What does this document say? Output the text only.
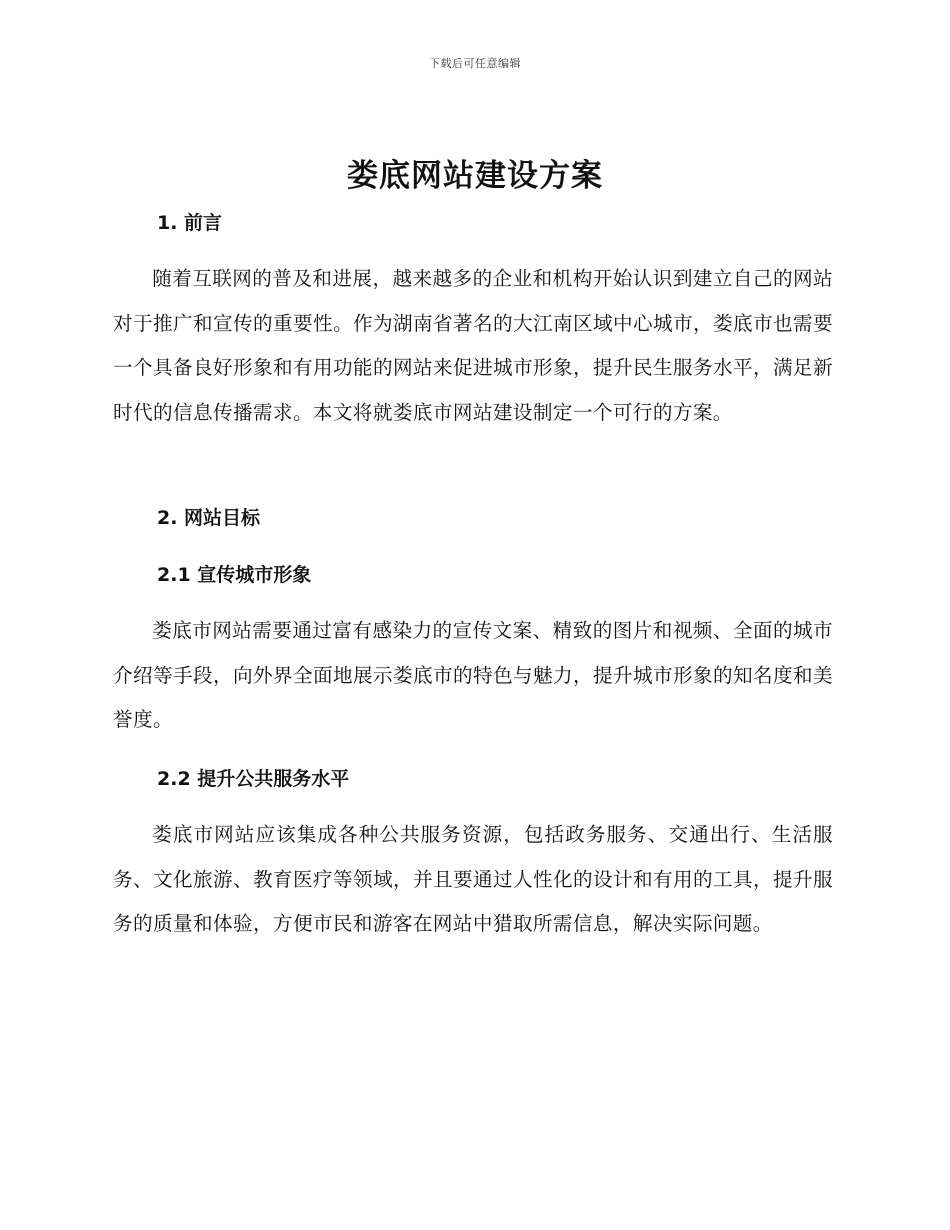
下载后可任意编辑
娄底网站建设方案
1. 前言

随着互联网的普及和进展，越来越多的企业和机构开始认识到建立自己的网站对于推广和宣传的重要性。作为湖南省著名的大江南区域中心城市，娄底市也需要一个具备良好形象和有用功能的网站来促进城市形象，提升民生服务水平，满足新时代的信息传播需求。本文将就娄底市网站建设制定一个可行的方案。

2. 网站目标
2.1 宣传城市形象

娄底市网站需要通过富有感染力的宣传文案、精致的图片和视频、全面的城市介绍等手段，向外界全面地展示娄底市的特色与魅力，提升城市形象的知名度和美誉度。

2.2 提升公共服务水平

娄底市网站应该集成各种公共服务资源，包括政务服务、交通出行、生活服务、文化旅游、教育医疗等领域，并且要通过人性化的设计和有用的工具，提升服务的质量和体验，方便市民和游客在网站中猎取所需信息，解决实际问题。
